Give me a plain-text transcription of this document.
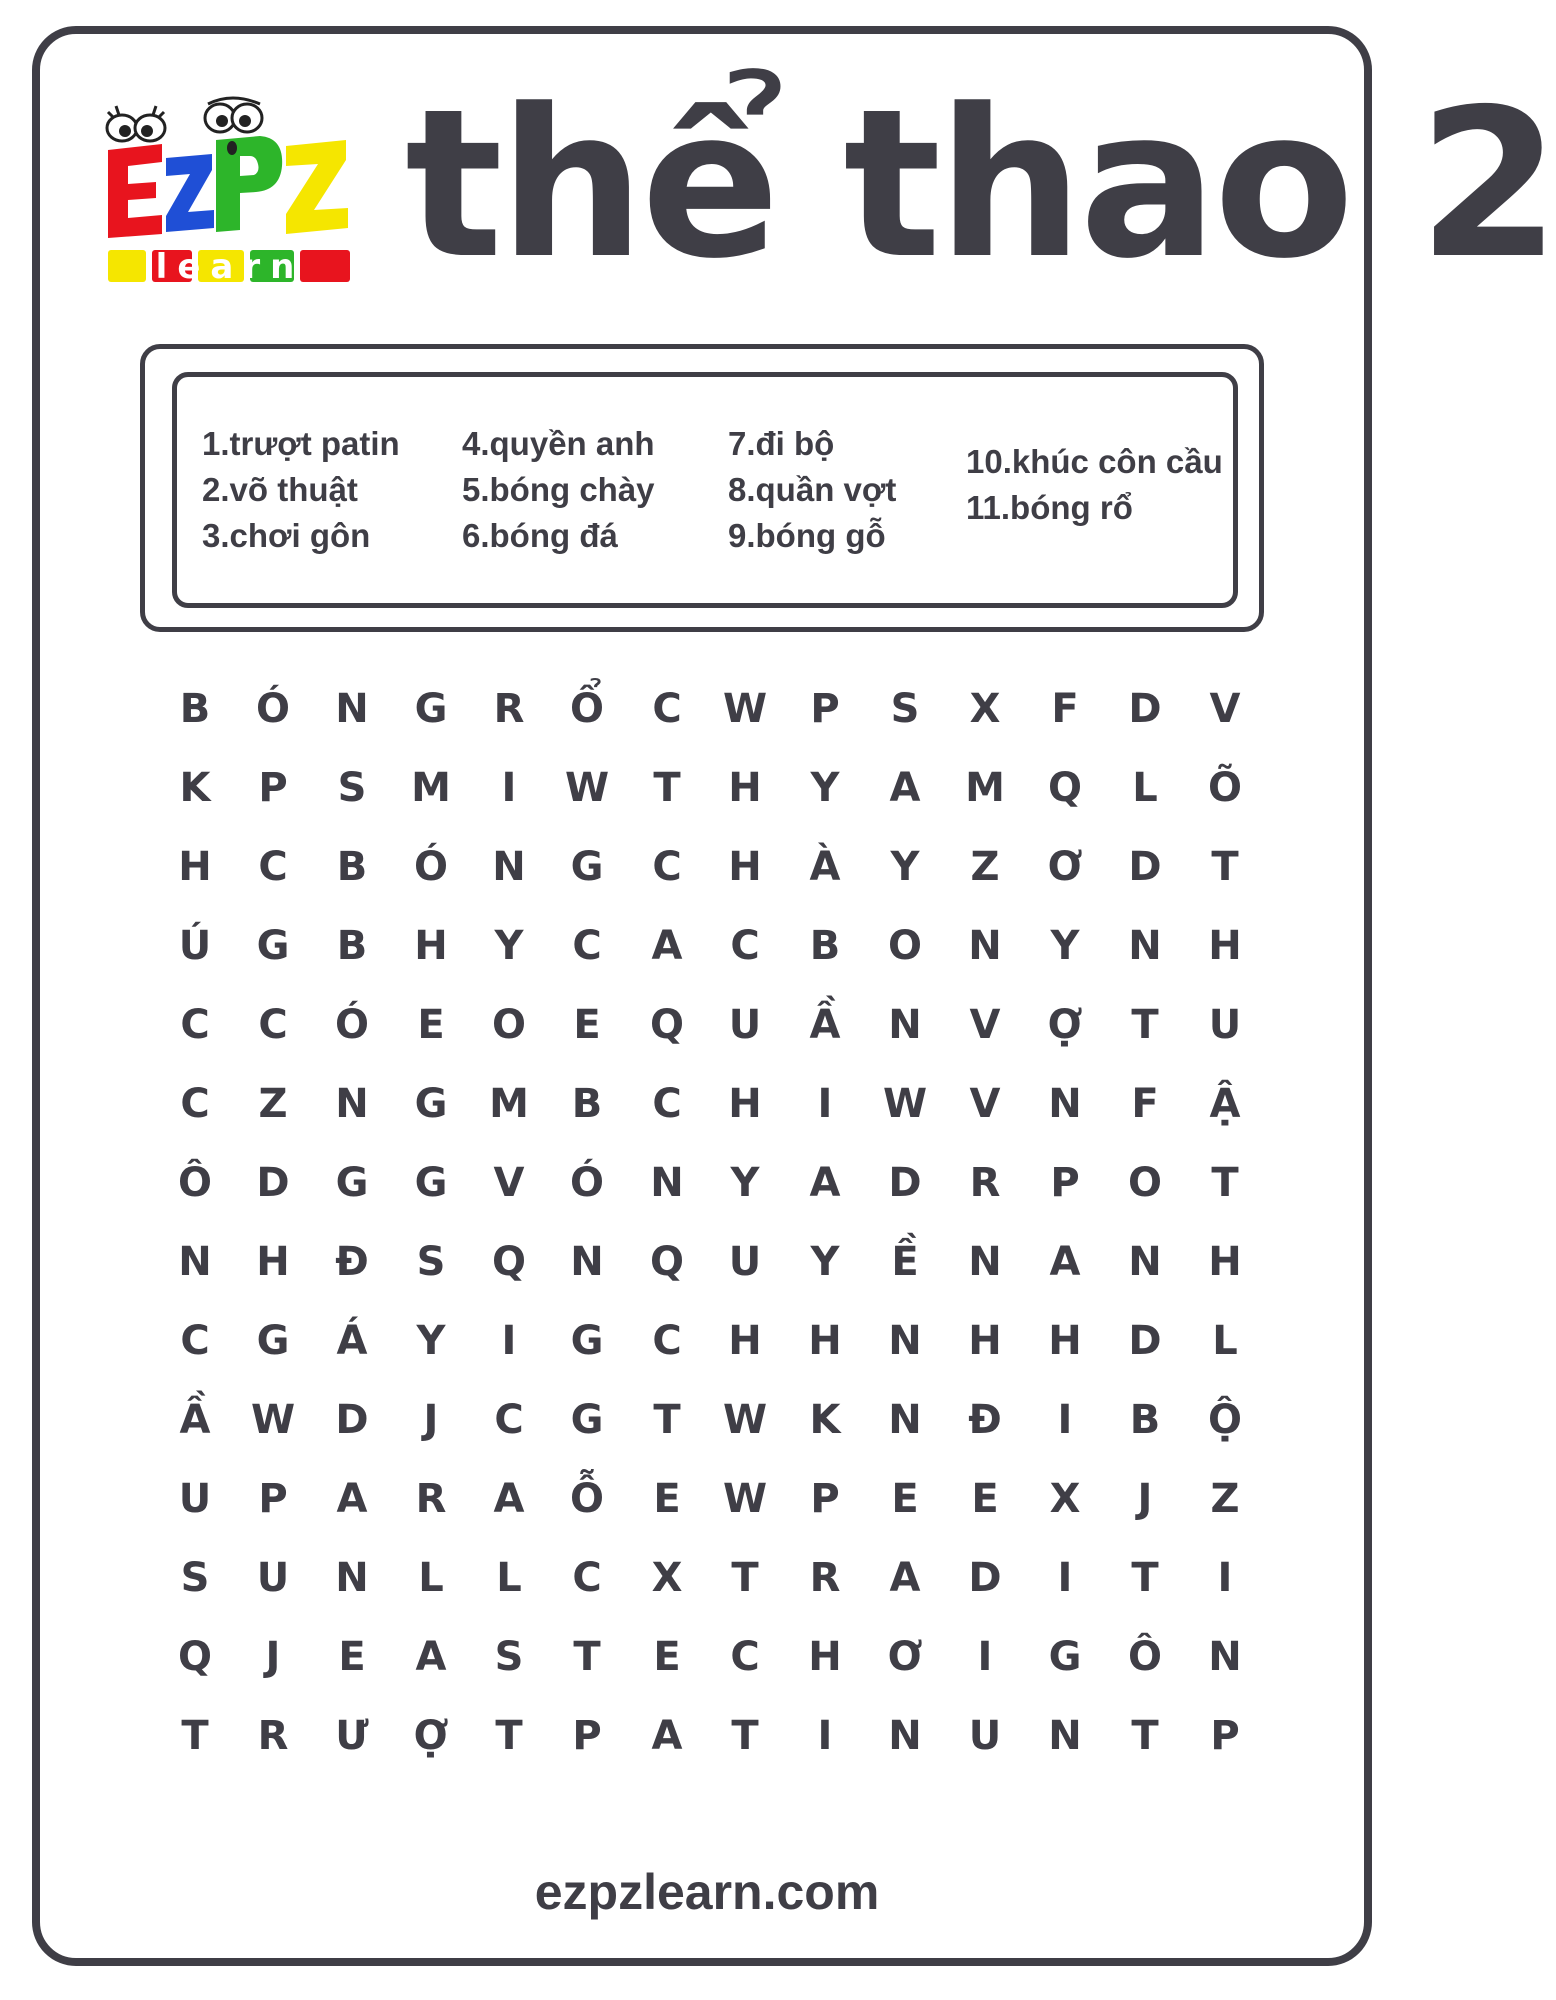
learn thể thao 2
1.trượt patin
2.võ thuật
3.chơi gôn
4.quyền anh
5.bóng chày
6.bóng đá
7.đi bộ
8.quần vợt
9.bóng gỗ
10.khúc côn cầu
11.bóng rổ
B	Ó	N	G	R	Ổ	C	W	P	S	X	F	D	V
K	P	S	M	I	W	T	H	Y	A	M	Q	L	Õ
H	C	B	Ó	N	G	C	H	À	Y	Z	Ơ	D	T
Ú	G	B	H	Y	C	A	C	B	O	N	Y	N	H
C	C	Ó	E	O	E	Q	U	Ầ	N	V	Ợ	T	U
C	Z	N	G	M	B	C	H	I	W	V	N	F	Ậ
Ô	D	G	G	V	Ó	N	Y	A	D	R	P	O	T
N	H	Đ	S	Q	N	Q	U	Y	Ề	N	A	N	H
C	G	Á	Y	I	G	C	H	H	N	H	H	D	L
Ầ	W	D	J	C	G	T	W	K	N	Đ	I	B	Ộ
U	P	A	R	A	Ỗ	E	W	P	E	E	X	J	Z
S	U	N	L	L	C	X	T	R	A	D	I	T	I
Q	J	E	A	S	T	E	C	H	Ơ	I	G	Ô	N
T	R	Ư	Ợ	T	P	A	T	I	N	U	N	T	P
ezpzlearn.com
